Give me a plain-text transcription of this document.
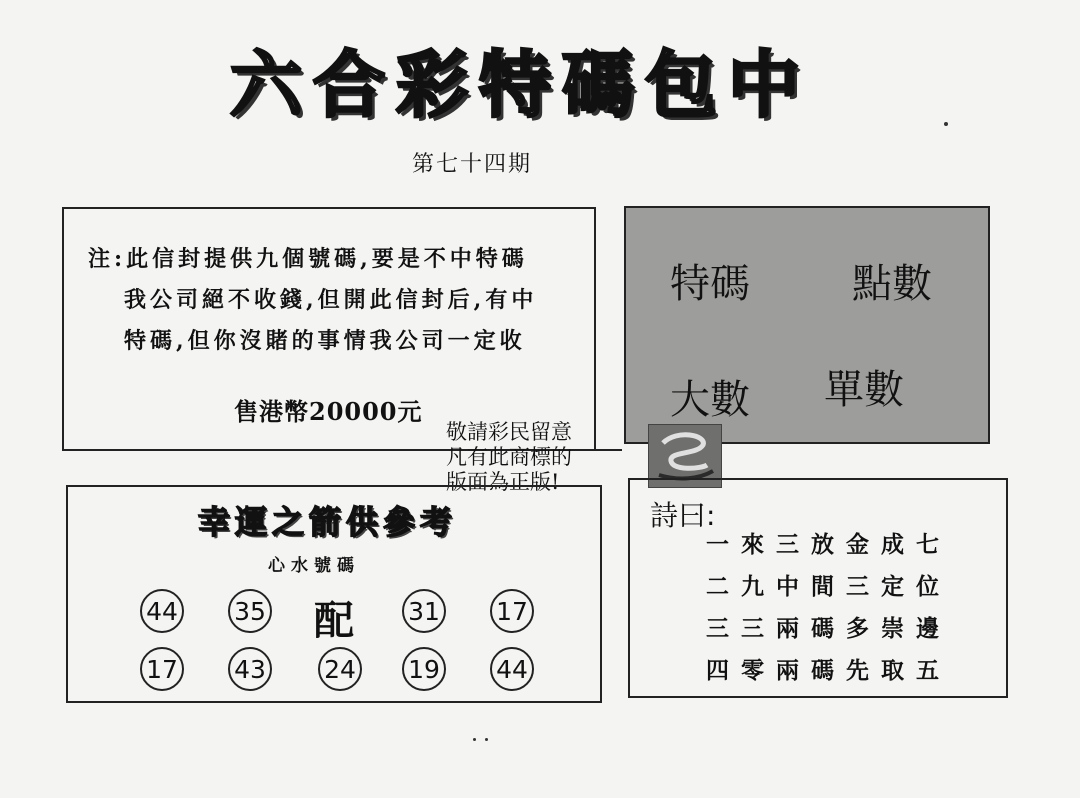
六 合 彩 特 碼 包 中
第七十四期
注:此信封提供九個號碼,要是不中特碼
我公司絕不收錢,但開此信封后,有中
特碼,但你沒賭的事情我公司一定收
售港幣20000元
特碼	點數
大數 單數
敬請彩民留意
凡有此商標的
版面為正版!
幸運之箭供參考
心水號碼
44 35 配 31 17
17 43 24 19 44
詩曰:
一來三放金成七
二九中間三定位
三三兩碼多崇邊
四零兩碼先取五
